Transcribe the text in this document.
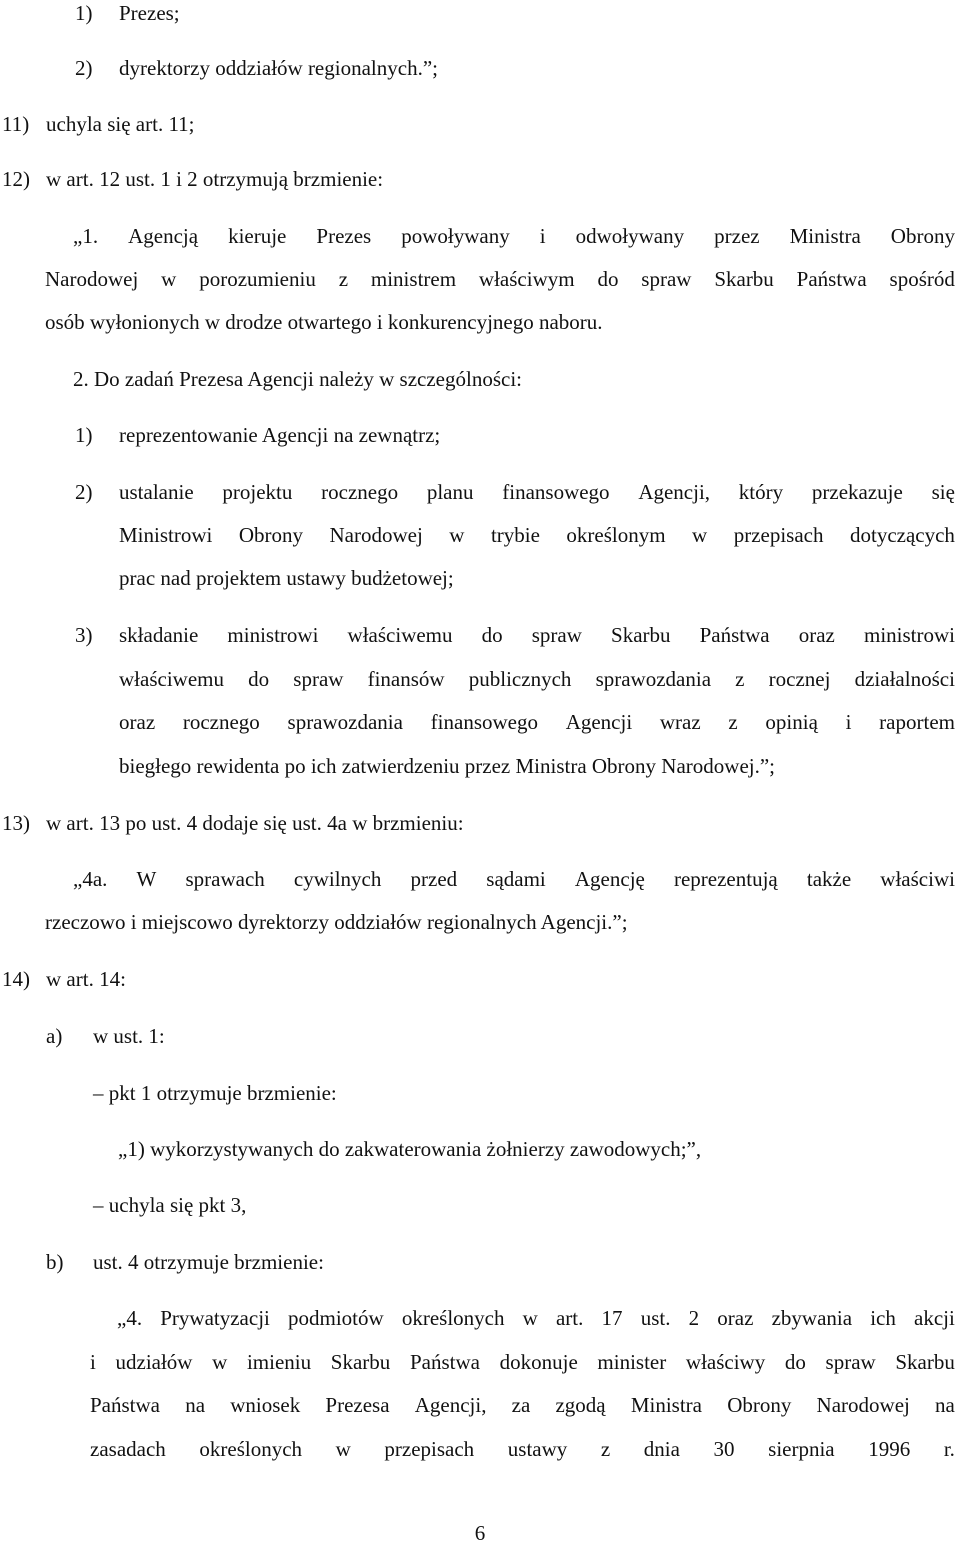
1) Prezes;
2) dyrektorzy oddziałów regionalnych.”;
11) uchyla się art. 11;
12) w art. 12 ust. 1 i 2 otrzymują brzmienie:
„1. Agencją kieruje Prezes powoływany i odwoływany przez Ministra Obrony
Narodowej w porozumieniu z ministrem właściwym do spraw Skarbu Państwa spośród
osób wyłonionych w drodze otwartego i konkurencyjnego naboru.
2. Do zadań Prezesa Agencji należy w szczególności:
1) reprezentowanie Agencji na zewnątrz;
2) ustalanie projektu rocznego planu finansowego Agencji, który przekazuje się
Ministrowi Obrony Narodowej w trybie określonym w przepisach dotyczących
prac nad projektem ustawy budżetowej;
3) składanie ministrowi właściwemu do spraw Skarbu Państwa oraz ministrowi
właściwemu do spraw finansów publicznych sprawozdania z rocznej działalności
oraz rocznego sprawozdania finansowego Agencji wraz z opinią i raportem
biegłego rewidenta po ich zatwierdzeniu przez Ministra Obrony Narodowej.”;
13) w art. 13 po ust. 4 dodaje się ust. 4a w brzmieniu:
„4a. W sprawach cywilnych przed sądami Agencję reprezentują także właściwi
rzeczowo i miejscowo dyrektorzy oddziałów regionalnych Agencji.”;
14) w art. 14:
a) w ust. 1:
– pkt 1 otrzymuje brzmienie:
„1) wykorzystywanych do zakwaterowania żołnierzy zawodowych;”,
– uchyla się pkt 3,
b) ust. 4 otrzymuje brzmienie:
„4. Prywatyzacji podmiotów określonych w art. 17 ust. 2 oraz zbywania ich akcji
i udziałów w imieniu Skarbu Państwa dokonuje minister właściwy do spraw Skarbu
Państwa na wniosek Prezesa Agencji, za zgodą Ministra Obrony Narodowej na
zasadach określonych w przepisach ustawy z dnia 30 sierpnia 1996 r.
6
